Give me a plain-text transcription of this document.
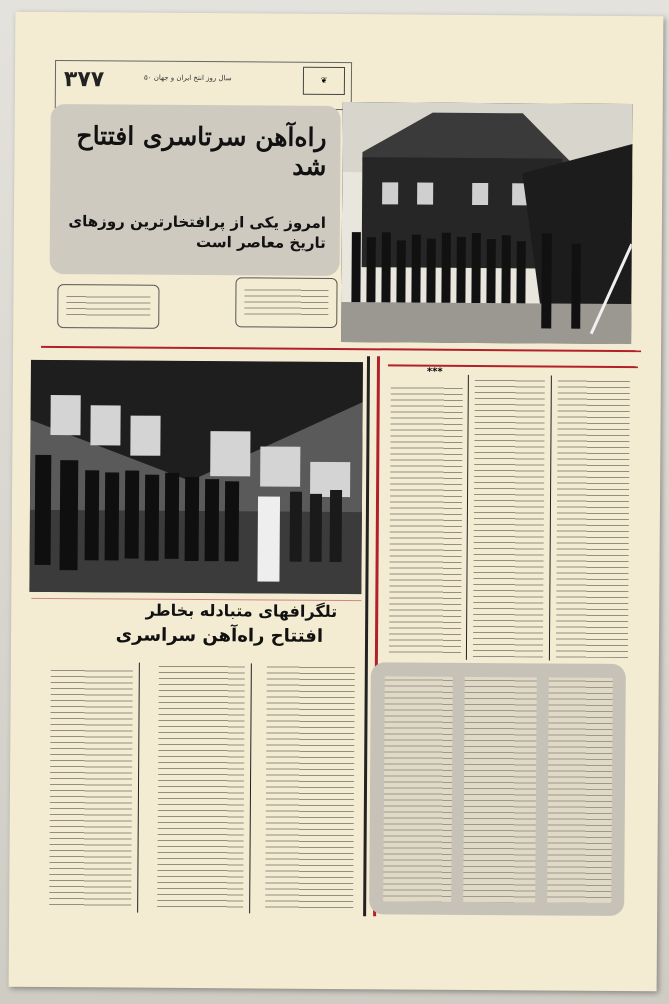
۳۷۷	۵۰ سال روز انتخ ایران و جهان	❦
راه‌آهن سرتاسری افتتاح شد
امروز یکی از پرافتخارترین روزهای تاریخ معاصر است
تلگرافهای متبادله بخاطر
افتتاح راه‌آهن سراسری
***
